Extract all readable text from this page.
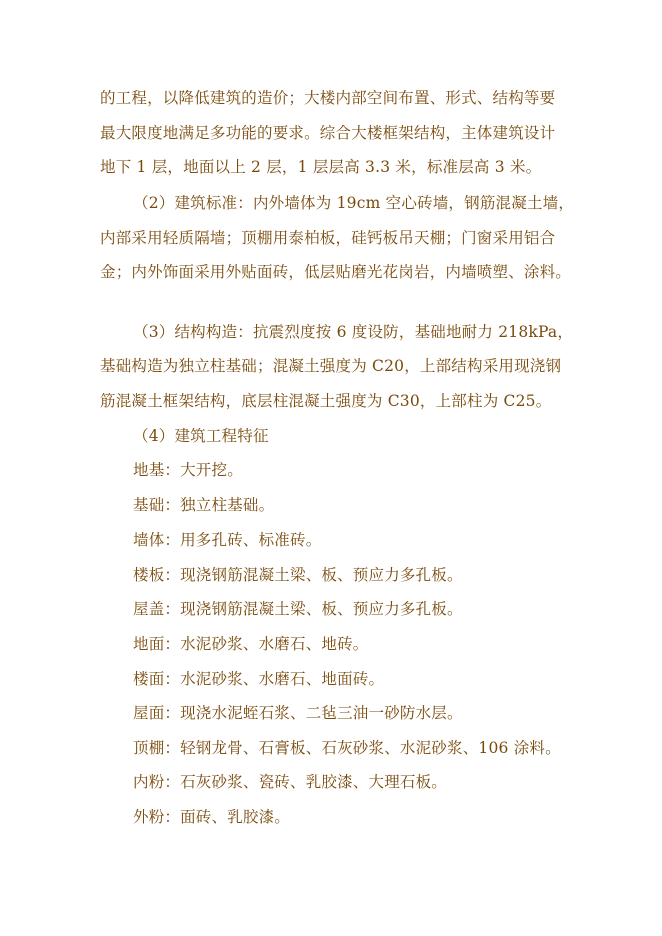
的工程，以降低建筑的造价；大楼内部空间布置、形式、结构等要
最大限度地满足多功能的要求。综合大楼框架结构，主体建筑设计
地下 1 层，地面以上 2 层，1 层层高 3.3 米，标准层高 3 米。
（2）建筑标准：内外墙体为 19cm 空心砖墙，钢筋混凝土墙，
内部采用轻质隔墙；顶棚用泰柏板，硅钙板吊天棚；门窗采用铝合
金；内外饰面采用外贴面砖，低层贴磨光花岗岩，内墙喷塑、涂料。
（3）结构构造：抗震烈度按 6 度设防，基础地耐力 218kPa，
基础构造为独立柱基础；混凝土强度为 C20，上部结构采用现浇钢
筋混凝土框架结构，底层柱混凝土强度为 C30，上部柱为 C25。
（4）建筑工程特征
地基：大开挖。
基础：独立柱基础。
墙体：用多孔砖、标准砖。
楼板：现浇钢筋混凝土梁、板、预应力多孔板。
屋盖：现浇钢筋混凝土梁、板、预应力多孔板。
地面：水泥砂浆、水磨石、地砖。
楼面：水泥砂浆、水磨石、地面砖。
屋面：现浇水泥蛭石浆、二毡三油一砂防水层。
顶棚：轻钢龙骨、石膏板、石灰砂浆、水泥砂浆、106 涂料。
内粉：石灰砂浆、瓷砖、乳胶漆、大理石板。
外粉：面砖、乳胶漆。
